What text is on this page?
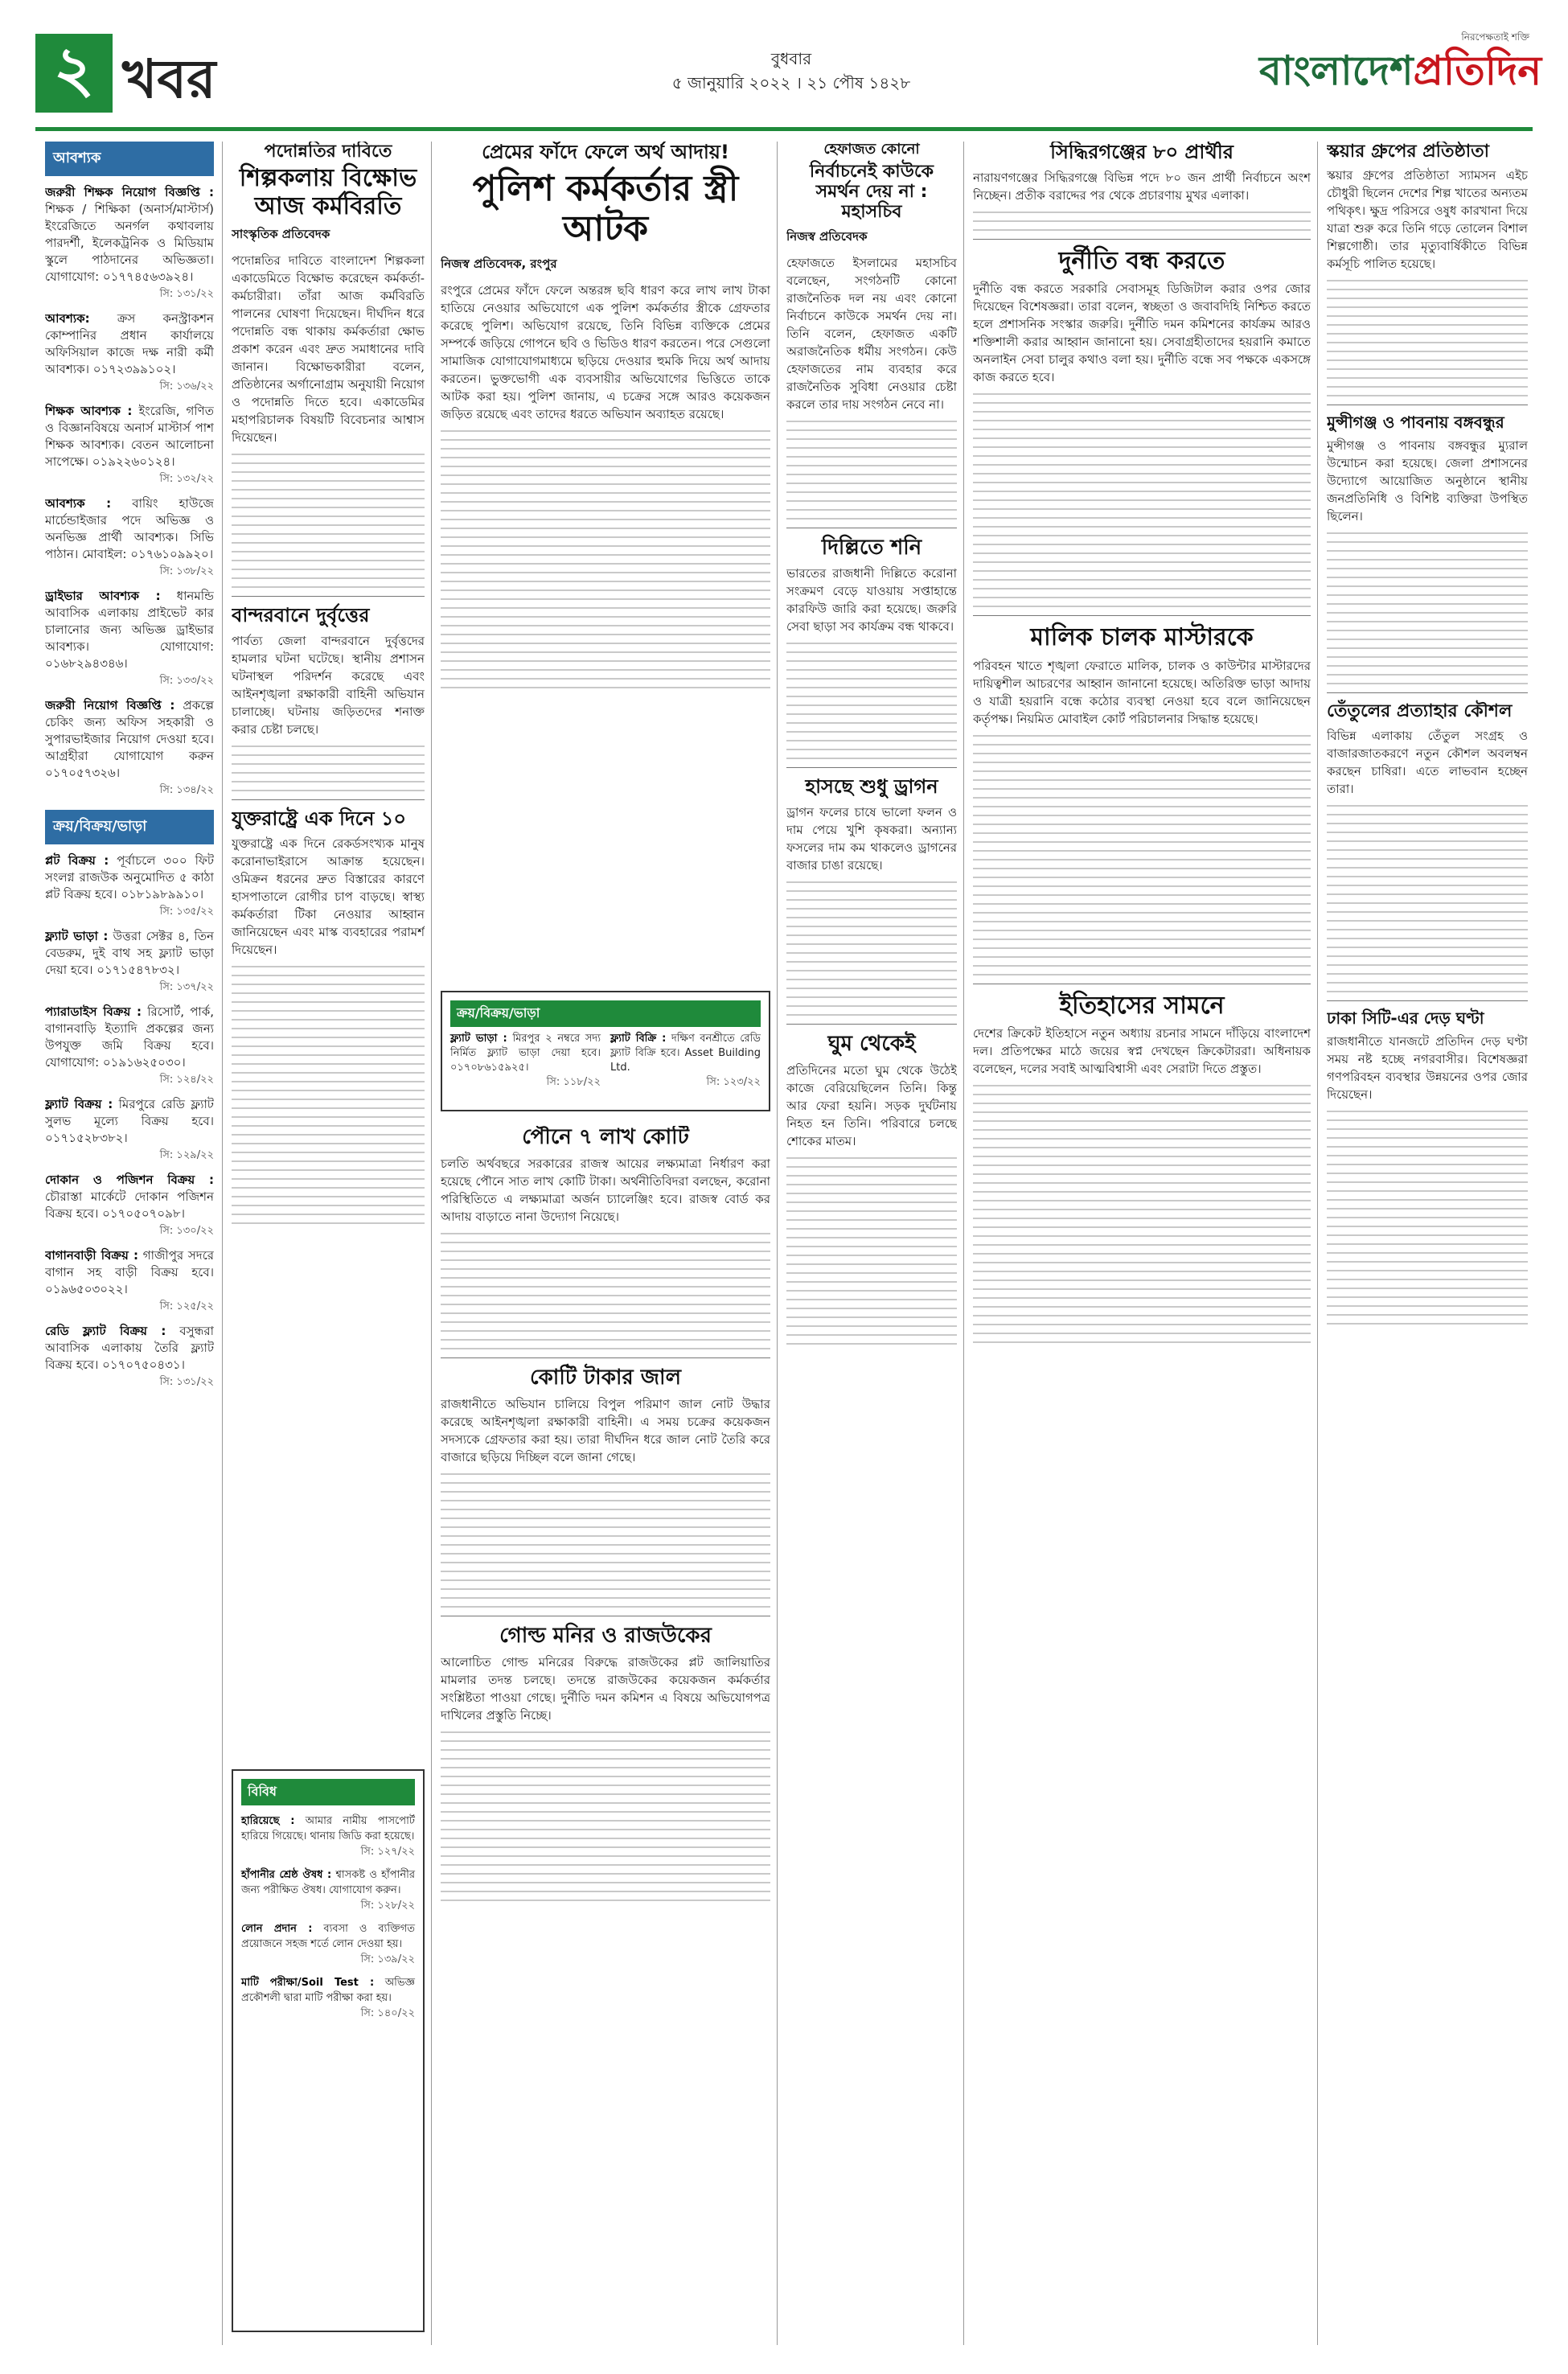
২ খবর	বুধবার
৫ জানুয়ারি ২০২২ । ২১ পৌষ ১৪২৮
নিরপেক্ষতাই শক্তি
বাংলাদেশপ্রতিদিন
আবশ্যক
জরুরী শিক্ষক নিয়োগ বিজ্ঞপ্তি : শিক্ষক / শিক্ষিকা (অনার্স/মাস্টার্স) ইংরেজিতে অনর্গল কথাবলায় পারদর্শী, ইলেকট্রনিক ও মিডিয়াম স্কুলে পাঠদানের অভিজ্ঞতা। যোগাযোগ: ০১৭৭৪৫৬৩৯২৪।
সি: ১৩১/২২
আবশ্যক: ক্রস কনস্ট্রাকশন কোম্পানির প্রধান কার্যালয়ে অফিসিয়াল কাজে দক্ষ নারী কর্মী আবশ্যক। ০১৭২৩৯৯১০২।
সি: ১৩৬/২২
শিক্ষক আবশ্যক : ইংরেজি, গণিত ও বিজ্ঞানবিষয়ে অনার্স মাস্টার্স পাশ শিক্ষক আবশ্যক। বেতন আলোচনা সাপেক্ষে। ০১৯২২৬০১২৪।
সি: ১৩২/২২
আবশ্যক : বায়িং হাউজে মার্চেন্ডাইজার পদে অভিজ্ঞ ও অনভিজ্ঞ প্রার্থী আবশ্যক। সিভি পাঠান। মোবাইল: ০১৭৬১০৯৯২০।
সি: ১৩৮/২২
ড্রাইভার আবশ্যক : ধানমন্ডি আবাসিক এলাকায় প্রাইভেট কার চালানোর জন্য অভিজ্ঞ ড্রাইভার আবশ্যক। যোগাযোগ: ০১৬৮২৯৪৩৪৬।
সি: ১৩৩/২২
জরুরী নিয়োগ বিজ্ঞপ্তি : প্রকল্পে চেকিং জন্য অফিস সহকারী ও সুপারভাইজার নিয়োগ দেওয়া হবে। আগ্রহীরা যোগাযোগ করুন ০১৭০৫৭৩২৬।
সি: ১৩৪/২২
ক্রয়/বিক্রয়/ভাড়া
প্লট বিক্রয় : পূর্বাচলে ৩০০ ফিট সংলগ্ন রাজউক অনুমোদিত ৫ কাঠা প্লট বিক্রয় হবে। ০১৮১৯৮৯৯১০।
সি: ১৩৫/২২
ফ্ল্যাট ভাড়া : উত্তরা সেক্টর ৪, তিন বেডরুম, দুই বাথ সহ ফ্ল্যাট ভাড়া দেয়া হবে। ০১৭১৫৪৭৮৩২।
সি: ১৩৭/২২
প্যারাডাইস বিক্রয় : রিসোর্ট, পার্ক, বাগানবাড়ি ইত্যাদি প্রকল্পের জন্য উপযুক্ত জমি বিক্রয় হবে। যোগাযোগ: ০১৯১৬২৫০৩০।
সি: ১২৪/২২
ফ্ল্যাট বিক্রয় : মিরপুরে রেডি ফ্ল্যাট সুলভ মূল্যে বিক্রয় হবে। ০১৭১৫২৮৩৮২।
সি: ১২৯/২২
দোকান ও পজিশন বিক্রয় : চৌরাস্তা মার্কেটে দোকান পজিশন বিক্রয় হবে। ০১৭০৫০৭০৯৮।
সি: ১৩০/২২
বাগানবাড়ী বিক্রয় : গাজীপুর সদরে বাগান সহ বাড়ী বিক্রয় হবে। ০১৯৬৫০৩০২২।
সি: ১২৫/২২
রেডি ফ্ল্যাট বিক্রয় : বসুন্ধরা আবাসিক এলাকায় তৈরি ফ্ল্যাট বিক্রয় হবে। ০১৭০৭৫০৪৩১।
সি: ১৩১/২২
পদোন্নতির দাবিতে
শিল্পকলায় বিক্ষোভ আজ কর্মবিরতি
সাংস্কৃতিক প্রতিবেদক

পদোন্নতির দাবিতে বাংলাদেশ শিল্পকলা একাডেমিতে বিক্ষোভ করেছেন কর্মকর্তা-কর্মচারীরা। তাঁরা আজ কর্মবিরতি পালনের ঘোষণা দিয়েছেন। দীর্ঘদিন ধরে পদোন্নতি বন্ধ থাকায় কর্মকর্তারা ক্ষোভ প্রকাশ করেন এবং দ্রুত সমাধানের দাবি জানান। বিক্ষোভকারীরা বলেন, প্রতিষ্ঠানের অর্গানোগ্রাম অনুযায়ী নিয়োগ ও পদোন্নতি দিতে হবে। একাডেমির মহাপরিচালক বিষয়টি বিবেচনার আশ্বাস দিয়েছেন।

বান্দরবানে দুর্বৃত্তের

পার্বত্য জেলা বান্দরবানে দুর্বৃত্তদের হামলার ঘটনা ঘটেছে। স্থানীয় প্রশাসন ঘটনাস্থল পরিদর্শন করেছে এবং আইনশৃঙ্খলা রক্ষাকারী বাহিনী অভিযান চালাচ্ছে। ঘটনায় জড়িতদের শনাক্ত করার চেষ্টা চলছে।

যুক্তরাষ্ট্রে এক দিনে ১০

যুক্তরাষ্ট্রে এক দিনে রেকর্ডসংখ্যক মানুষ করোনাভাইরাসে আক্রান্ত হয়েছেন। ওমিক্রন ধরনের দ্রুত বিস্তারের কারণে হাসপাতালে রোগীর চাপ বাড়ছে। স্বাস্থ্য কর্মকর্তারা টিকা নেওয়ার আহ্বান জানিয়েছেন এবং মাস্ক ব্যবহারের পরামর্শ দিয়েছেন।

প্রেমের ফাঁদে ফেলে অর্থ আদায়!
পুলিশ কর্মকর্তার স্ত্রী আটক
নিজস্ব প্রতিবেদক, রংপুর

রংপুরে প্রেমের ফাঁদে ফেলে অন্তরঙ্গ ছবি ধারণ করে লাখ লাখ টাকা হাতিয়ে নেওয়ার অভিযোগে এক পুলিশ কর্মকর্তার স্ত্রীকে গ্রেফতার করেছে পুলিশ। অভিযোগ রয়েছে, তিনি বিভিন্ন ব্যক্তিকে প্রেমের সম্পর্কে জড়িয়ে গোপনে ছবি ও ভিডিও ধারণ করতেন। পরে সেগুলো সামাজিক যোগাযোগমাধ্যমে ছড়িয়ে দেওয়ার হুমকি দিয়ে অর্থ আদায় করতেন। ভুক্তভোগী এক ব্যবসায়ীর অভিযোগের ভিত্তিতে তাকে আটক করা হয়। পুলিশ জানায়, এ চক্রের সঙ্গে আরও কয়েকজন জড়িত রয়েছে এবং তাদের ধরতে অভিযান অব্যাহত রয়েছে।

পৌনে ৭ লাখ কোটি

চলতি অর্থবছরে সরকারের রাজস্ব আয়ের লক্ষ্যমাত্রা নির্ধারণ করা হয়েছে পৌনে সাত লাখ কোটি টাকা। অর্থনীতিবিদরা বলছেন, করোনা পরিস্থিতিতে এ লক্ষ্যমাত্রা অর্জন চ্যালেঞ্জিং হবে। রাজস্ব বোর্ড কর আদায় বাড়াতে নানা উদ্যোগ নিয়েছে।

কোটি টাকার জাল

রাজধানীতে অভিযান চালিয়ে বিপুল পরিমাণ জাল নোট উদ্ধার করেছে আইনশৃঙ্খলা রক্ষাকারী বাহিনী। এ সময় চক্রের কয়েকজন সদস্যকে গ্রেফতার করা হয়। তারা দীর্ঘদিন ধরে জাল নোট তৈরি করে বাজারে ছড়িয়ে দিচ্ছিল বলে জানা গেছে।

গোল্ড মনির ও রাজউকের

আলোচিত গোল্ড মনিরের বিরুদ্ধে রাজউকের প্লট জালিয়াতির মামলার তদন্ত চলছে। তদন্তে রাজউকের কয়েকজন কর্মকর্তার সংশ্লিষ্টতা পাওয়া গেছে। দুর্নীতি দমন কমিশন এ বিষয়ে অভিযোগপত্র দাখিলের প্রস্তুতি নিচ্ছে।

হেফাজত কোনো
নির্বাচনেই কাউকে সমর্থন দেয় না : মহাসচিব
নিজস্ব প্রতিবেদক

হেফাজতে ইসলামের মহাসচিব বলেছেন, সংগঠনটি কোনো রাজনৈতিক দল নয় এবং কোনো নির্বাচনে কাউকে সমর্থন দেয় না। তিনি বলেন, হেফাজত একটি অরাজনৈতিক ধর্মীয় সংগঠন। কেউ হেফাজতের নাম ব্যবহার করে রাজনৈতিক সুবিধা নেওয়ার চেষ্টা করলে তার দায় সংগঠন নেবে না।

দিল্লিতে শনি

ভারতের রাজধানী দিল্লিতে করোনা সংক্রমণ বেড়ে যাওয়ায় সপ্তাহান্তে কারফিউ জারি করা হয়েছে। জরুরি সেবা ছাড়া সব কার্যক্রম বন্ধ থাকবে।

হাসছে শুধু ড্রাগন

ড্রাগন ফলের চাষে ভালো ফলন ও দাম পেয়ে খুশি কৃষকরা। অন্যান্য ফসলের দাম কম থাকলেও ড্রাগনের বাজার চাঙা রয়েছে।

ঘুম থেকেই

প্রতিদিনের মতো ঘুম থেকে উঠেই কাজে বেরিয়েছিলেন তিনি। কিন্তু আর ফেরা হয়নি। সড়ক দুর্ঘটনায় নিহত হন তিনি। পরিবারে চলছে শোকের মাতম।

সিদ্ধিরগঞ্জের ৮০ প্রার্থীর

নারায়ণগঞ্জের সিদ্ধিরগঞ্জে বিভিন্ন পদে ৮০ জন প্রার্থী নির্বাচনে অংশ নিচ্ছেন। প্রতীক বরাদ্দের পর থেকে প্রচারণায় মুখর এলাকা।

দুর্নীতি বন্ধ করতে

দুর্নীতি বন্ধ করতে সরকারি সেবাসমূহ ডিজিটাল করার ওপর জোর দিয়েছেন বিশেষজ্ঞরা। তারা বলেন, স্বচ্ছতা ও জবাবদিহি নিশ্চিত করতে হলে প্রশাসনিক সংস্কার জরুরি। দুর্নীতি দমন কমিশনের কার্যক্রম আরও শক্তিশালী করার আহ্বান জানানো হয়। সেবাগ্রহীতাদের হয়রানি কমাতে অনলাইন সেবা চালুর কথাও বলা হয়। দুর্নীতি বন্ধে সব পক্ষকে একসঙ্গে কাজ করতে হবে।

মালিক চালক মাস্টারকে

পরিবহন খাতে শৃঙ্খলা ফেরাতে মালিক, চালক ও কাউন্টার মাস্টারদের দায়িত্বশীল আচরণের আহ্বান জানানো হয়েছে। অতিরিক্ত ভাড়া আদায় ও যাত্রী হয়রানি বন্ধে কঠোর ব্যবস্থা নেওয়া হবে বলে জানিয়েছেন কর্তৃপক্ষ। নিয়মিত মোবাইল কোর্ট পরিচালনার সিদ্ধান্ত হয়েছে।

ইতিহাসের সামনে

দেশের ক্রিকেট ইতিহাসে নতুন অধ্যায় রচনার সামনে দাঁড়িয়ে বাংলাদেশ দল। প্রতিপক্ষের মাঠে জয়ের স্বপ্ন দেখছেন ক্রিকেটাররা। অধিনায়ক বলেছেন, দলের সবাই আত্মবিশ্বাসী এবং সেরাটা দিতে প্রস্তুত।

স্কয়ার গ্রুপের প্রতিষ্ঠাতা

স্কয়ার গ্রুপের প্রতিষ্ঠাতা স্যামসন এইচ চৌধুরী ছিলেন দেশের শিল্প খাতের অন্যতম পথিকৃৎ। ক্ষুদ্র পরিসরে ওষুধ কারখানা দিয়ে যাত্রা শুরু করে তিনি গড়ে তোলেন বিশাল শিল্পগোষ্ঠী। তার মৃত্যুবার্ষিকীতে বিভিন্ন কর্মসূচি পালিত হয়েছে।

মুন্সীগঞ্জ ও পাবনায় বঙ্গবন্ধুর

মুন্সীগঞ্জ ও পাবনায় বঙ্গবন্ধুর ম্যুরাল উন্মোচন করা হয়েছে। জেলা প্রশাসনের উদ্যোগে আয়োজিত অনুষ্ঠানে স্থানীয় জনপ্রতিনিধি ও বিশিষ্ট ব্যক্তিরা উপস্থিত ছিলেন।

তেঁতুলের প্রত্যাহার কৌশল

বিভিন্ন এলাকায় তেঁতুল সংগ্রহ ও বাজারজাতকরণে নতুন কৌশল অবলম্বন করছেন চাষিরা। এতে লাভবান হচ্ছেন তারা।

ঢাকা সিটি-এর দেড় ঘণ্টা

রাজধানীতে যানজটে প্রতিদিন দেড় ঘণ্টা সময় নষ্ট হচ্ছে নগরবাসীর। বিশেষজ্ঞরা গণপরিবহন ব্যবস্থার উন্নয়নের ওপর জোর দিয়েছেন।

ক্রয়/বিক্রয়/ভাড়া
ফ্ল্যাট ভাড়া : মিরপুর ২ নম্বরে সদ্য নির্মিত ফ্ল্যাট ভাড়া দেয়া হবে। ০১৭০৮৬১৫৯২৫।
সি: ১১৮/২২
ফ্ল্যাট বিক্রি : দক্ষিণ বনশ্রীতে রেডি ফ্ল্যাট বিক্রি হবে। Asset Building Ltd.
সি: ১২৩/২২
বিবিধ
হারিয়েছে : আমার নামীয় পাসপোর্ট হারিয়ে গিয়েছে। থানায় জিডি করা হয়েছে।
সি: ১২৭/২২
হাঁপানীর শ্রেষ্ঠ ঔষধ : শ্বাসকষ্ট ও হাঁপানীর জন্য পরীক্ষিত ঔষধ। যোগাযোগ করুন।
সি: ১২৮/২২
লোন প্রদান : ব্যবসা ও ব্যক্তিগত প্রয়োজনে সহজ শর্তে লোন দেওয়া হয়।
সি: ১৩৯/২২
মাটি পরীক্ষা/Soil Test : অভিজ্ঞ প্রকৌশলী দ্বারা মাটি পরীক্ষা করা হয়।
সি: ১৪০/২২
